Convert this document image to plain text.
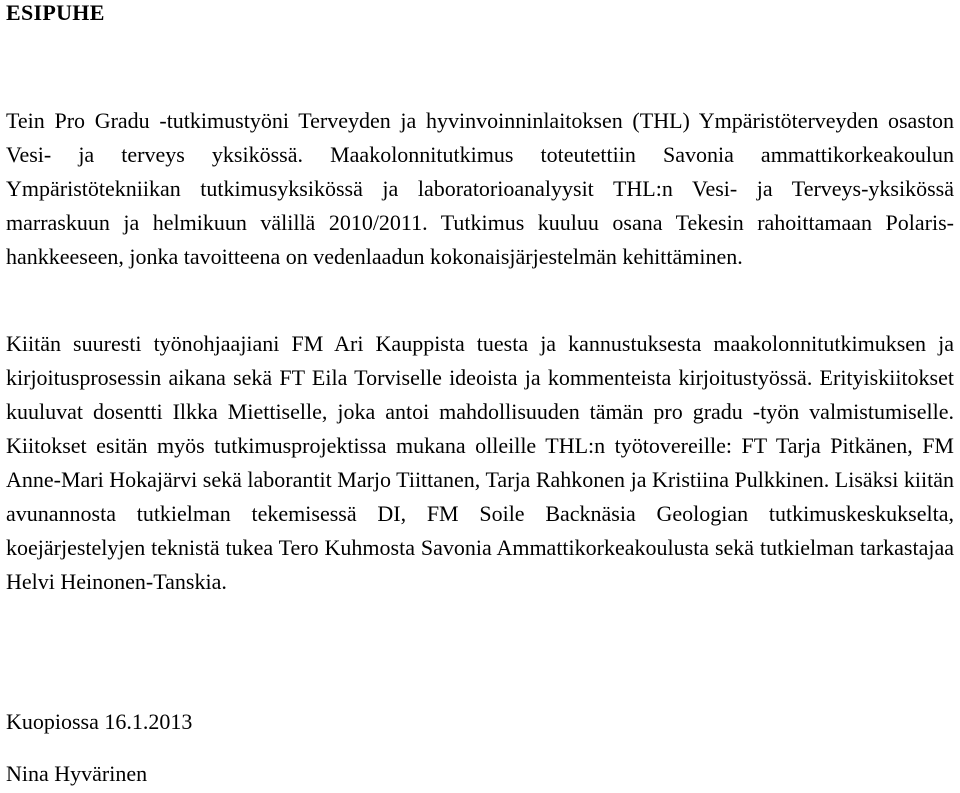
ESIPUHE

Tein Pro Gradu -tutkimustyöni Terveyden ja hyvinvoinninlaitoksen (THL) Ympäristöterveyden osaston Vesi- ja terveys yksikössä. Maakolonnitutkimus toteutettiin Savonia ammattikorkeakoulun Ympäristötekniikan tutkimusyksikössä ja laboratorioanalyysit THL:n Vesi- ja Terveys-yksikössä marraskuun ja helmikuun välillä 2010/2011. Tutkimus kuuluu osana Tekesin rahoittamaan Polaris-hankkeeseen, jonka tavoitteena on vedenlaadun kokonaisjärjestelmän kehittäminen.

Kiitän suuresti työnohjaajiani FM Ari Kauppista tuesta ja kannustuksesta maakolonnitutkimuksen ja kirjoitusprosessin aikana sekä FT Eila Torviselle ideoista ja kommenteista kirjoitustyössä. Erityiskiitokset kuuluvat dosentti Ilkka Miettiselle, joka antoi mahdollisuuden tämän pro gradu -työn valmistumiselle. Kiitokset esitän myös tutkimusprojektissa mukana olleille THL:n työtovereille: FT Tarja Pitkänen, FM Anne-Mari Hokajärvi sekä laborantit Marjo Tiittanen, Tarja Rahkonen ja Kristiina Pulkkinen. Lisäksi kiitän avunannosta tutkielman tekemisessä DI, FM Soile Backnäsia Geologian tutkimuskeskukselta, koejärjestelyjen teknistä tukea Tero Kuhmosta Savonia Ammattikorkeakoulusta sekä tutkielman tarkastajaa Helvi Heinonen-Tanskia.

Kuopiossa 16.1.2013

Nina Hyvärinen
